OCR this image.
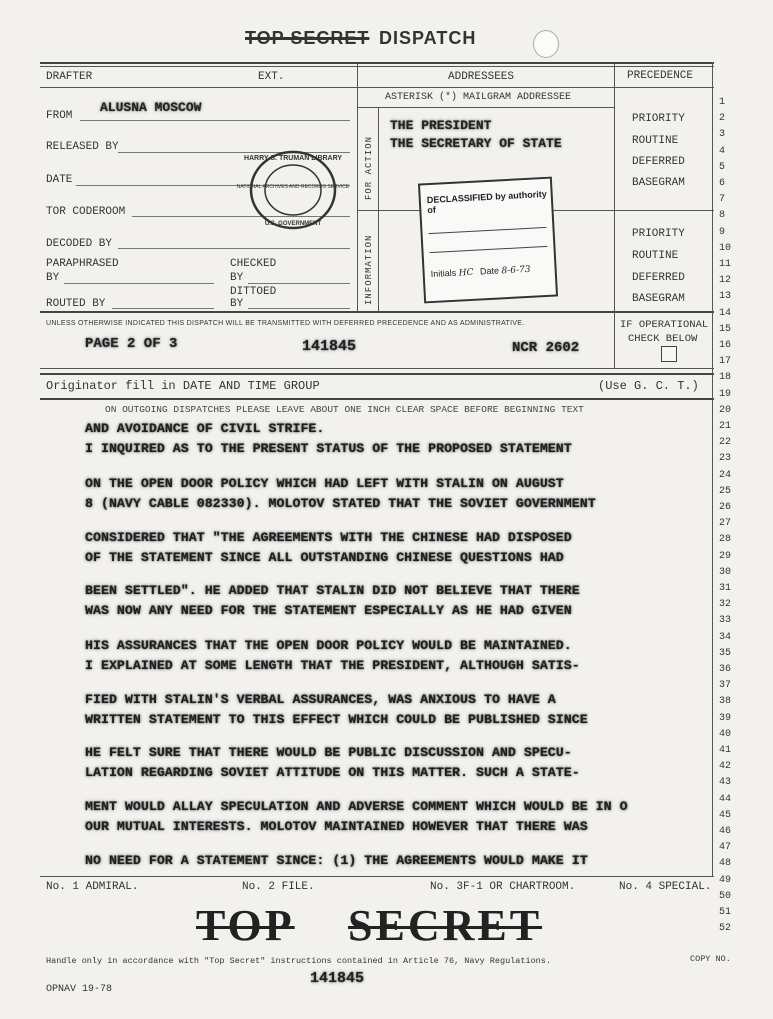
TOP SECRET DISPATCH
DRAFTER	EXT.
FROM
ALUSNA MOSCOW
RELEASED BY
DATE
TOR CODEROOM
DECODED BY
PARAPHRASED
BY
CHECKED
BY
DITTOED
BY
ROUTED BY
HARRY S. TRUMAN LIBRARY
NATIONAL ARCHIVES AND RECORDS SERVICE
U.S. GOVERNMENT
ADDRESSEES
ASTERISK (*) MAILGRAM ADDRESSEE
FOR ACTION
INFORMATION
THE PRESIDENT
THE SECRETARY OF STATE
DECLASSIFIED by authority of
Initials HC Date 8-6-73
PRECEDENCE
PRIORITY
ROUTINE
DEFERRED
BASEGRAM
PRIORITY
ROUTINE
DEFERRED
BASEGRAM
UNLESS OTHERWISE INDICATED THIS DISPATCH WILL BE TRANSMITTED WITH DEFERRED PRECEDENCE AND AS ADMINISTRATIVE.	IF OPERATIONAL
CHECK BELOW
PAGE 2 OF 3	141845	NCR 2602
Originator fill in DATE AND TIME GROUP	(Use G. C. T.)
ON OUTGOING DISPATCHES PLEASE LEAVE ABOUT ONE INCH CLEAR SPACE BEFORE BEGINNING TEXT
1
2
3
4
5
6
7
8
9
10
11
12
13
14
15
16
17
18
19
20
21
22
23
24
25
26
27
28
29
30
31
32
33
34
35
36
37
38
39
40
41
42
43
44
45
46
47
48
49
50
51
52
AND AVOIDANCE OF CIVIL STRIFE.
I INQUIRED AS TO THE PRESENT STATUS OF THE PROPOSED STATEMENT
ON THE OPEN DOOR POLICY WHICH HAD LEFT WITH STALIN ON AUGUST
8 (NAVY CABLE 082330). MOLOTOV STATED THAT THE SOVIET GOVERNMENT
CONSIDERED THAT "THE AGREEMENTS WITH THE CHINESE HAD DISPOSED
OF THE STATEMENT SINCE ALL OUTSTANDING CHINESE QUESTIONS HAD
BEEN SETTLED". HE ADDED THAT STALIN DID NOT BELIEVE THAT THERE
WAS NOW ANY NEED FOR THE STATEMENT ESPECIALLY AS HE HAD GIVEN
HIS ASSURANCES THAT THE OPEN DOOR POLICY WOULD BE MAINTAINED.
I EXPLAINED AT SOME LENGTH THAT THE PRESIDENT, ALTHOUGH SATIS-
FIED WITH STALIN'S VERBAL ASSURANCES, WAS ANXIOUS TO HAVE A
WRITTEN STATEMENT TO THIS EFFECT WHICH COULD BE PUBLISHED SINCE
HE FELT SURE THAT THERE WOULD BE PUBLIC DISCUSSION AND SPECU-
LATION REGARDING SOVIET ATTITUDE ON THIS MATTER. SUCH A STATE-
MENT WOULD ALLAY SPECULATION AND ADVERSE COMMENT WHICH WOULD BE IN O
OUR MUTUAL INTERESTS. MOLOTOV MAINTAINED HOWEVER THAT THERE WAS
NO NEED FOR A STATEMENT SINCE: (1) THE AGREEMENTS WOULD MAKE IT
No. 1 ADMIRAL.	No. 2 FILE.	No. 3F-1 OR CHARTROOM.	No. 4 SPECIAL.
TOP SECRET
Handle only in accordance with "Top Secret" instructions contained in Article 76, Navy Regulations.	COPY NO.
141845
OPNAV 19-78
